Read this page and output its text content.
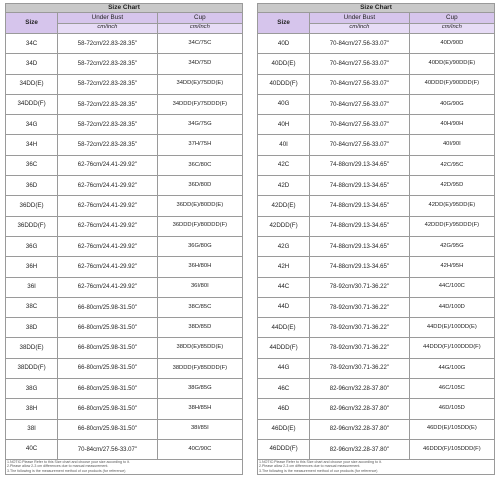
Size Chart		
Size	Under Bust	Cup
	cm/inch	cm/inch
34C	58-72cm/22.83-28.35"	34C/75C
34D	58-72cm/22.83-28.35"	34D/75D
34DD(E)	58-72cm/22.83-28.35"	34DD(E)/75DD(E)
34DDD(F)	58-72cm/22.83-28.35"	34DDD(F)/75DDD(F)
34G	58-72cm/22.83-28.35"	34G/75G
34H	58-72cm/22.83-28.35"	37H/75H
36C	62-76cm/24.41-29.92"	36C/80C
36D	62-76cm/24.41-29.92"	36D/80D
36DD(E)	62-76cm/24.41-29.92"	36DD(E)/80DD(E)
36DDD(F)	62-76cm/24.41-29.92"	36DDD(F)/80DDD(F)
36G	62-76cm/24.41-29.92"	36G/80G
36H	62-76cm/24.41-29.92"	36H/80H
36I	62-76cm/24.41-29.92"	36I/80I
38C	66-80cm/25.98-31.50"	38C/85C
38D	66-80cm/25.98-31.50"	38D/85D
38DD(E)	66-80cm/25.98-31.50"	38DD(E)/85DD(E)
38DDD(F)	66-80cm/25.98-31.50"	38DDD(F)/85DDD(F)
38G	66-80cm/25.98-31.50"	38G/85G
38H	66-80cm/25.98-31.50"	38H/85H
38I	66-80cm/25.98-31.50"	38I/85I
40C	70-84cm/27.56-33.07"	40C/90C
1.NOTIC:Please Refer to this Size chart and choose your size according to it.
2.Please allow 2-3 cm differences due to manual measurement.
3.The following is the measurement method of our products (for reference)
Size Chart		
Size	Under Bust	Cup
	cm/inch	cm/inch
40D	70-84cm/27.56-33.07"	40D/90D
40DD(E)	70-84cm/27.56-33.07"	40DD(E)/90DD(E)
40DDD(F)	70-84cm/27.56-33.07"	40DDD(F)/90DDD(F)
40G	70-84cm/27.56-33.07"	40G/90G
40H	70-84cm/27.56-33.07"	40H/90H
40I	70-84cm/27.56-33.07"	40I/90I
42C	74-88cm/29.13-34.65"	42C/95C
42D	74-88cm/29.13-34.65"	42D/95D
42DD(E)	74-88cm/29.13-34.65"	42DD(E)/95DD(E)
42DDD(F)	74-88cm/29.13-34.65"	42DDD(F)/95DDD(F)
42G	74-88cm/29.13-34.65"	42G/95G
42H	74-88cm/29.13-34.65"	42H/95H
44C	78-92cm/30.71-36.22"	44C/100C
44D	78-92cm/30.71-36.22"	44D/100D
44DD(E)	78-92cm/30.71-36.22"	44DD(E)/100DD(E)
44DDD(F)	78-92cm/30.71-36.22"	44DDD(F)/100DDD(F)
44G	78-92cm/30.71-36.22"	44G/100G
46C	82-96cm/32.28-37.80"	46C/105C
46D	82-96cm/32.28-37.80"	46D/105D
46DD(E)	82-96cm/32.28-37.80"	46DD(E)/105DD(E)
46DDD(F)	82-96cm/32.28-37.80"	46DDD(F)/105DDD(F)
1.NOTIC:Please Refer to this Size chart and choose your size according to it.
2.Please allow 2-3 cm differences due to manual measurement.
3.The following is the measurement method of our products (for reference)
